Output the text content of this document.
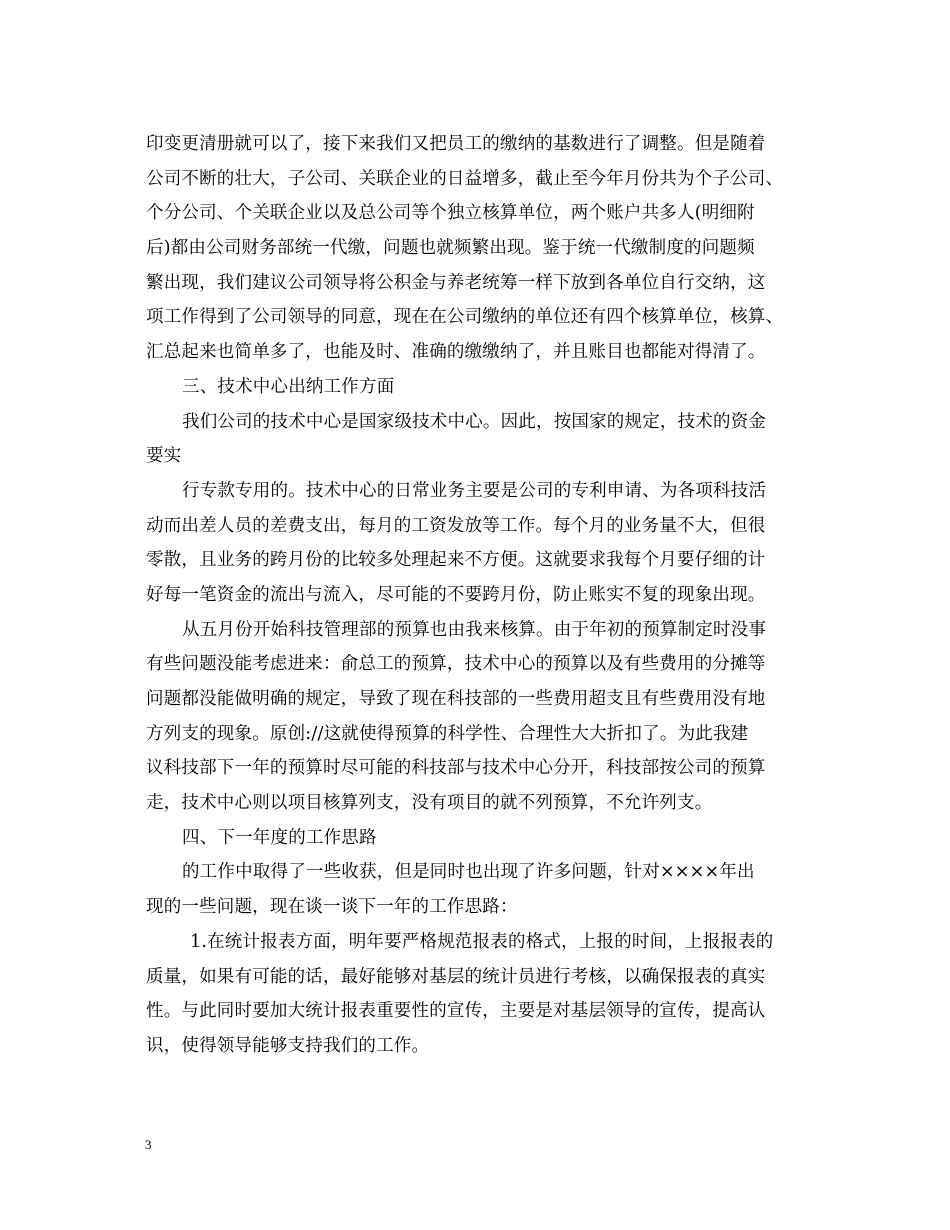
印变更清册就可以了，接下来我们又把员工的缴纳的基数进行了调整。但是随着
公司不断的壮大，子公司、关联企业的日益增多，截止至今年月份共为个子公司、
个分公司、个关联企业以及总公司等个独立核算单位，两个账户共多人(明细附
后)都由公司财务部统一代缴，问题也就频繁出现。鉴于统一代缴制度的问题频
繁出现，我们建议公司领导将公积金与养老统筹一样下放到各单位自行交纳，这
项工作得到了公司领导的同意，现在在公司缴纳的单位还有四个核算单位，核算、
汇总起来也简单多了，也能及时、准确的缴缴纳了，并且账目也都能对得清了。
三、技术中心出纳工作方面
我们公司的技术中心是国家级技术中心。因此，按国家的规定，技术的资金
要实
行专款专用的。技术中心的日常业务主要是公司的专利申请、为各项科技活
动而出差人员的差费支出，每月的工资发放等工作。每个月的业务量不大，但很
零散，且业务的跨月份的比较多处理起来不方便。这就要求我每个月要仔细的计
好每一笔资金的流出与流入，尽可能的不要跨月份，防止账实不复的现象出现。
从五月份开始科技管理部的预算也由我来核算。由于年初的预算制定时没事
有些问题没能考虑进来：俞总工的预算，技术中心的预算以及有些费用的分摊等
问题都没能做明确的规定，导致了现在科技部的一些费用超支且有些费用没有地
方列支的现象。原创://这就使得预算的科学性、合理性大大折扣了。为此我建
议科技部下一年的预算时尽可能的科技部与技术中心分开，科技部按公司的预算
走，技术中心则以项目核算列支，没有项目的就不列预算，不允许列支。
四、下一年度的工作思路
的工作中取得了一些收获，但是同时也出现了许多问题，针对××××年出
现的一些问题，现在谈一谈下一年的工作思路：
1.在统计报表方面，明年要严格规范报表的格式，上报的时间，上报报表的
质量，如果有可能的话，最好能够对基层的统计员进行考核，以确保报表的真实
性。与此同时要加大统计报表重要性的宣传，主要是对基层领导的宣传，提高认
识，使得领导能够支持我们的工作。
3
